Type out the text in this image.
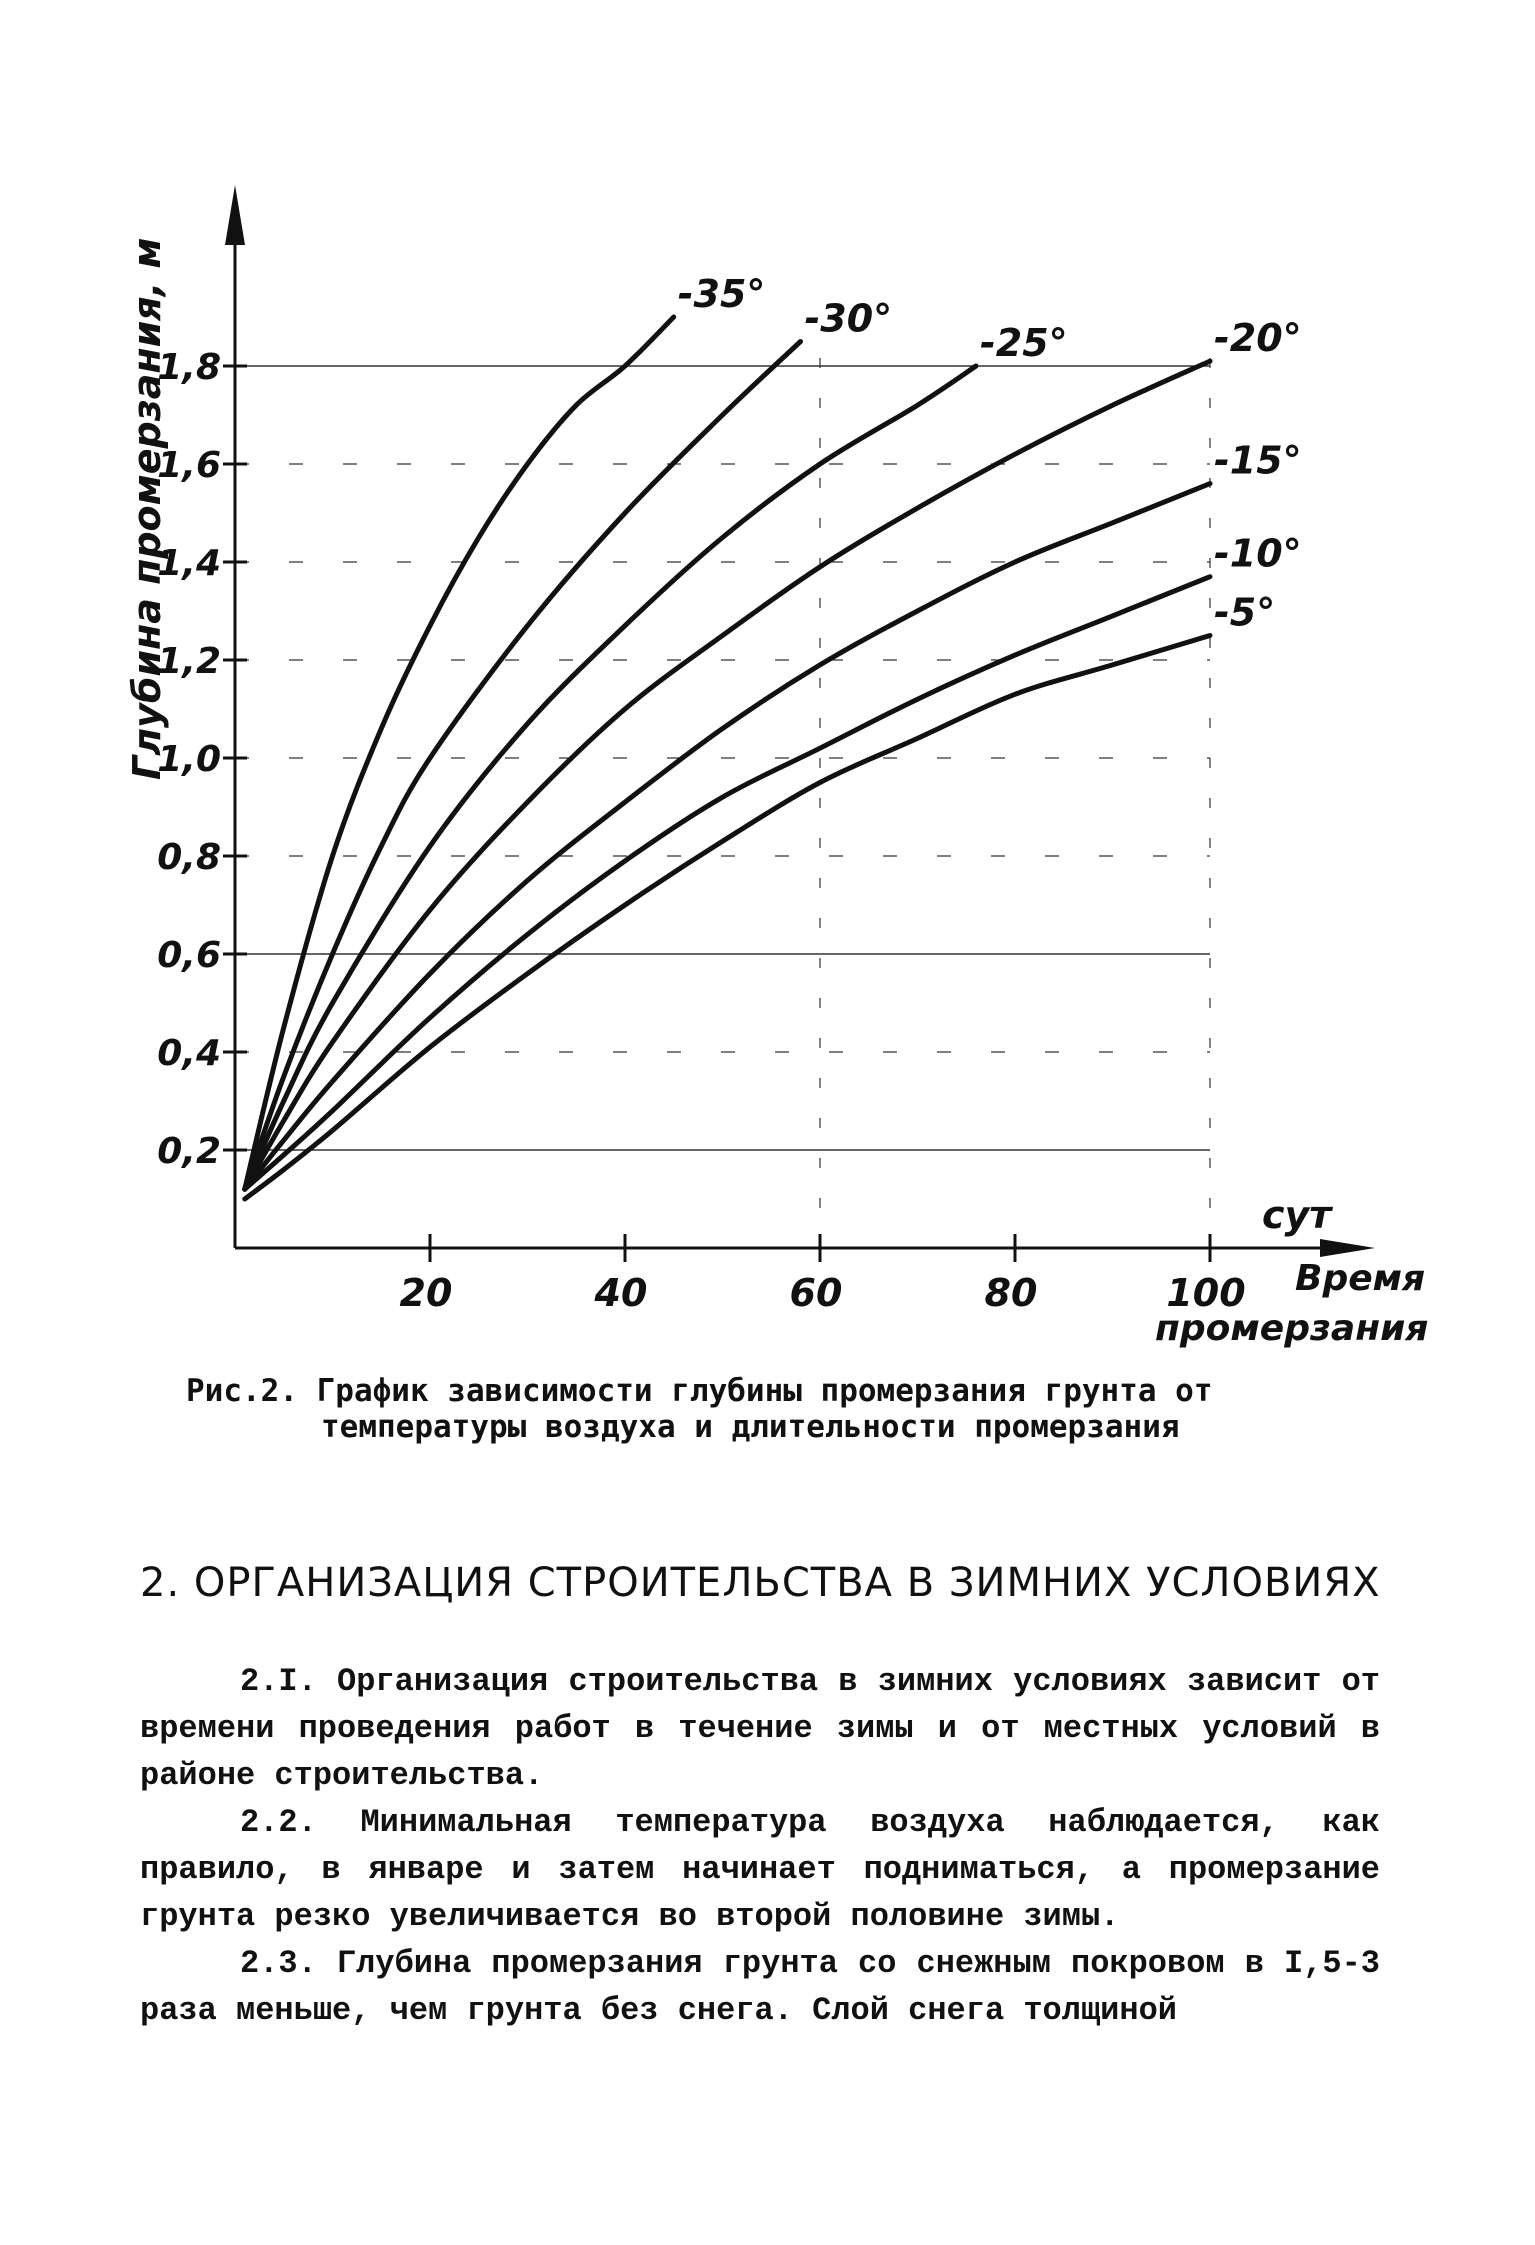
0,2
0,4
0,6
0,8
1,0
1,2
1,4
1,6
1,8
20	40	60	80	100
-35°
-30°
-25°	-20°
-15°
-10°
-5°
Глубина промерзания, м
сут
Время промерзания
Рис.2. График зависимости глубины промерзания грунта от
температуры воздуха и длительности промерзания
2. ОРГАНИЗАЦИЯ СТРОИТЕЛЬСТВА В ЗИМНИХ УСЛОВИЯХ

2.I. Организация строительства в зимних условиях зависит от времени проведения работ в течение зимы и от местных условий в районе строительства.

2.2. Минимальная температура воздуха наблюдается, как правило, в январе и затем начинает подниматься, а промерзание грунта резко увеличивается во второй половине зимы.

2.3. Глубина промерзания грунта со снежным покровом в I,5-3 раза меньше, чем грунта без снега. Слой снега толщиной
